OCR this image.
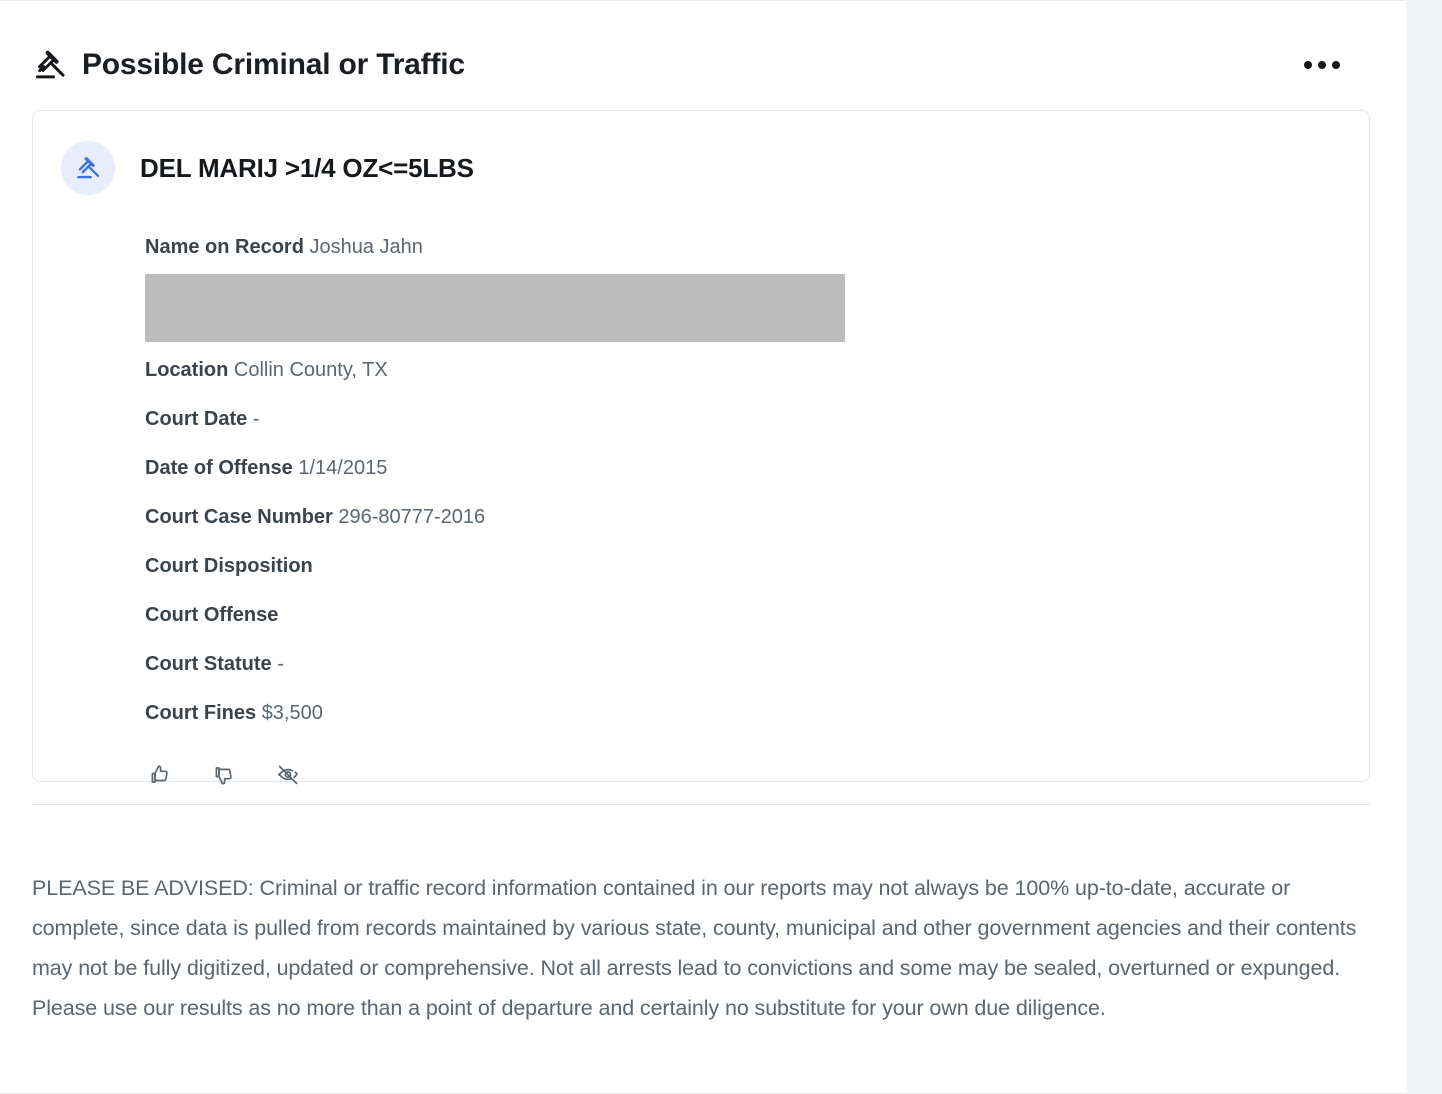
Possible Criminal or Traffic
DEL MARIJ >1/4 OZ<=5LBS
Name on Record Joshua Jahn
Location Collin County, TX
Court Date -
Date of Offense 1/14/2015
Court Case Number 296-80777-2016
Court Disposition
Court Offense
Court Statute -
Court Fines $3,500
PLEASE BE ADVISED: Criminal or traffic record information contained in our reports may not always be 100% up-to-date, accurate or complete, since data is pulled from records maintained by various state, county, municipal and other government agencies and their contents may not be fully digitized, updated or comprehensive. Not all arrests lead to convictions and some may be sealed, overturned or expunged. Please use our results as no more than a point of departure and certainly no substitute for your own due diligence.
